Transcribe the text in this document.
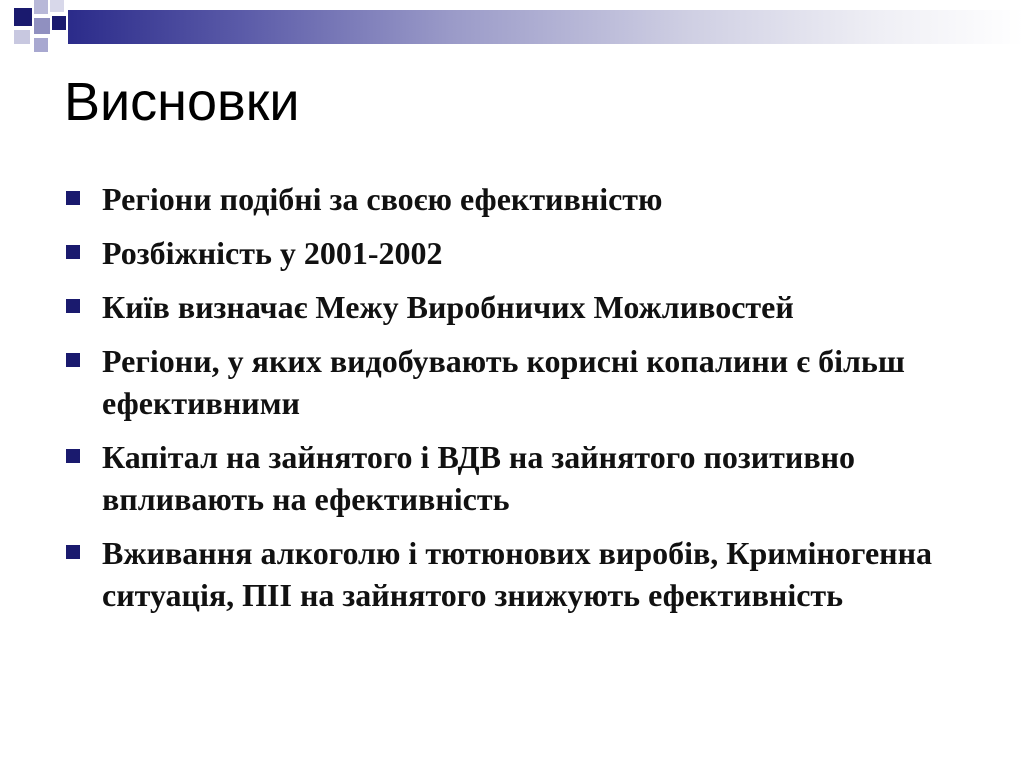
Висновки
Регіони подібні за своєю ефективністю
Розбіжність у 2001-2002
Київ визначає Межу Виробничих Можливостей
Регіони, у яких видобувають корисні копалини є більш ефективними
Капітал на зайнятого і ВДВ на зайнятого позитивно впливають на ефективність
Вживання алкоголю і тютюнових виробів, Криміногенна ситуація, ПІІ на зайнятого знижують ефективність
